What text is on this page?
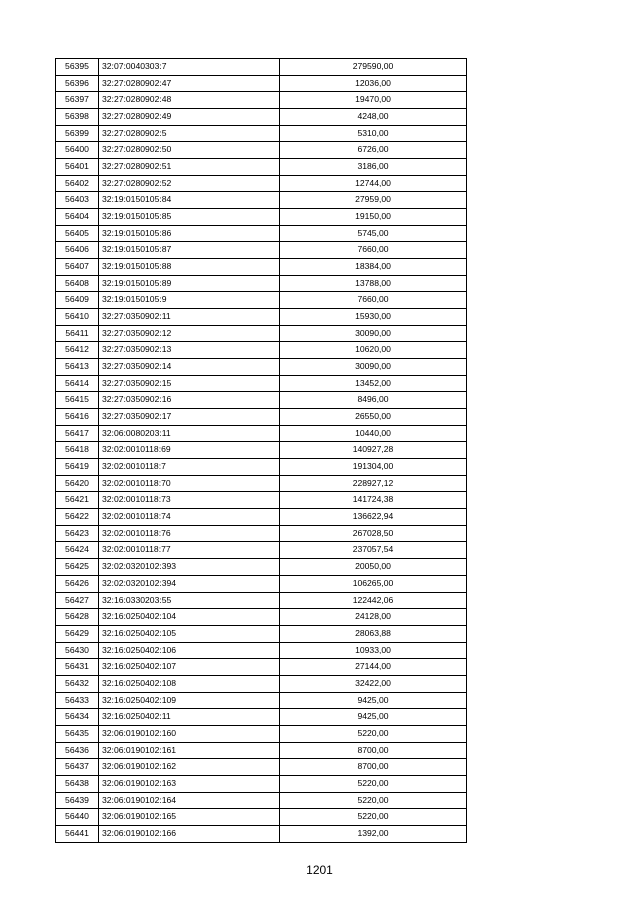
56395	32:07:0040303:7	279590,00
56396	32:27:0280902:47	12036,00
56397	32:27:0280902:48	19470,00
56398	32:27:0280902:49	4248,00
56399	32:27:0280902:5	5310,00
56400	32:27:0280902:50	6726,00
56401	32:27:0280902:51	3186,00
56402	32:27:0280902:52	12744,00
56403	32:19:0150105:84	27959,00
56404	32:19:0150105:85	19150,00
56405	32:19:0150105:86	5745,00
56406	32:19:0150105:87	7660,00
56407	32:19:0150105:88	18384,00
56408	32:19:0150105:89	13788,00
56409	32:19:0150105:9	7660,00
56410	32:27:0350902:11	15930,00
56411	32:27:0350902:12	30090,00
56412	32:27:0350902:13	10620,00
56413	32:27:0350902:14	30090,00
56414	32:27:0350902:15	13452,00
56415	32:27:0350902:16	8496,00
56416	32:27:0350902:17	26550,00
56417	32:06:0080203:11	10440,00
56418	32:02:0010118:69	140927,28
56419	32:02:0010118:7	191304,00
56420	32:02:0010118:70	228927,12
56421	32:02:0010118:73	141724,38
56422	32:02:0010118:74	136622,94
56423	32:02:0010118:76	267028,50
56424	32:02:0010118:77	237057,54
56425	32:02:0320102:393	20050,00
56426	32:02:0320102:394	106265,00
56427	32:16:0330203:55	122442,06
56428	32:16:0250402:104	24128,00
56429	32:16:0250402:105	28063,88
56430	32:16:0250402:106	10933,00
56431	32:16:0250402:107	27144,00
56432	32:16:0250402:108	32422,00
56433	32:16:0250402:109	9425,00
56434	32:16:0250402:11	9425,00
56435	32:06:0190102:160	5220,00
56436	32:06:0190102:161	8700,00
56437	32:06:0190102:162	8700,00
56438	32:06:0190102:163	5220,00
56439	32:06:0190102:164	5220,00
56440	32:06:0190102:165	5220,00
56441	32:06:0190102:166	1392,00
1201
